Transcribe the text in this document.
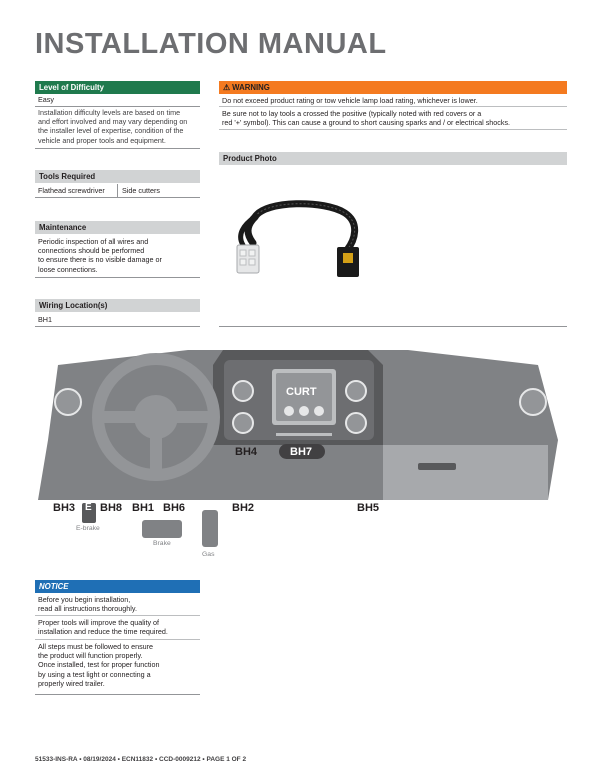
INSTALLATION MANUAL
Level of Difficulty
Easy
Installation difficulty levels are based on time
and effort involved and may vary depending on
the installer level of expertise, condition of the
vehicle and proper tools and equipment.
Tools Required
Flathead screwdriver	Side cutters
Maintenance
Periodic inspection of all wires and
connections should be performed
to ensure there is no visible damage or
loose connections.
Wiring Location(s)
BH1
⚠ WARNING
Do not exceed product rating or tow vehicle lamp load rating, whichever is lower.
Be sure not to lay tools a crossed the positive (typically noted with red covers or a
red '+' symbol). This can cause a ground to short causing sparks and / or electrical shocks.
Product Photo
CURT
BH4	BH7
BH3 E BH8 BH1 BH6	BH2	BH5
E-brake
Brake
Gas
NOTICE
Before you begin installation,
read all instructions thoroughly.
Proper tools will improve the quality of
installation and reduce the time required.
All steps must be followed to ensure
the product will function properly.
Once installed, test for proper function
by using a test light or connecting a
properly wired trailer.
51533-INS-RA • 08/19/2024 • ECN11832 • CCD-0009212 • PAGE 1 OF 2
